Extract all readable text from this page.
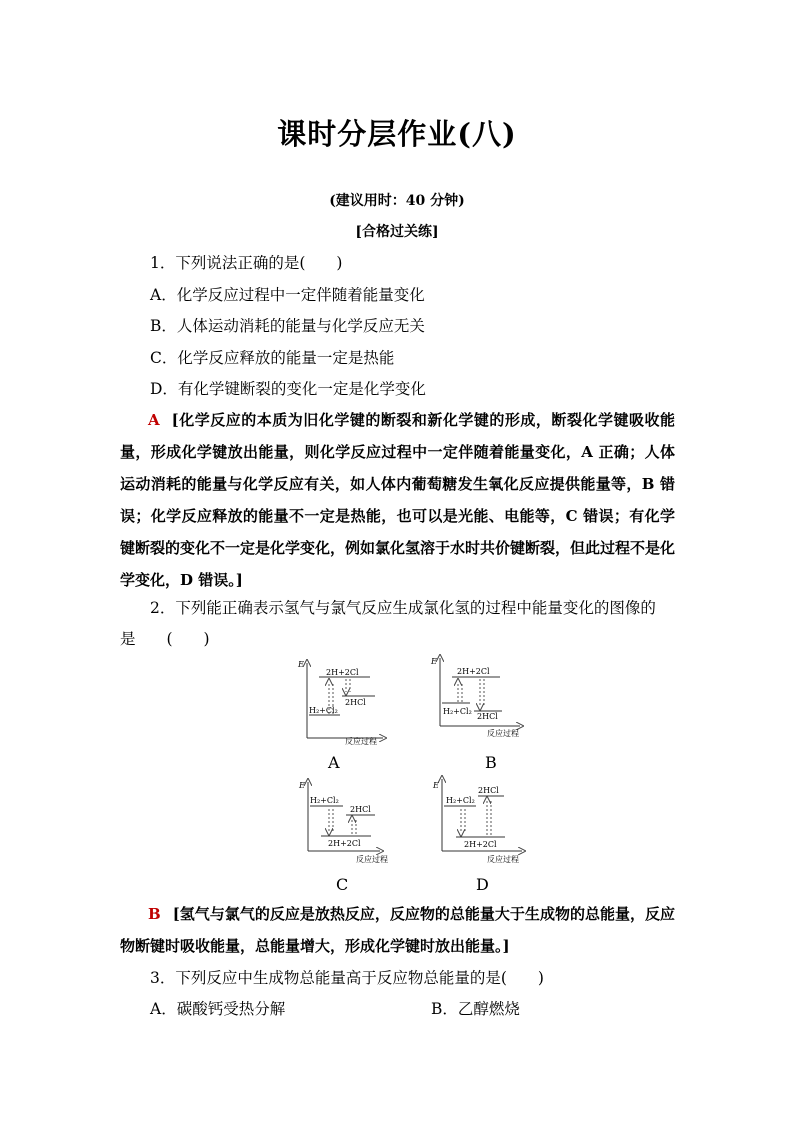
课时分层作业(八)
(建议用时：40 分钟)
[合格过关练]
1．下列说法正确的是(　　)
A．化学反应过程中一定伴随着能量变化
B．人体运动消耗的能量与化学反应无关
C．化学反应释放的能量一定是热能
D．有化学键断裂的变化一定是化学变化
A [化学反应的本质为旧化学键的断裂和新化学键的形成，断裂化学键吸收能量，形成化学键放出能量，则化学反应过程中一定伴随着能量变化，A 正确；人体运动消耗的能量与化学反应有关，如人体内葡萄糖发生氧化反应提供能量等，B 错误；化学反应释放的能量不一定是热能，也可以是光能、电能等，C 错误；有化学键断裂的变化不一定是化学变化，例如氯化氢溶于水时共价键断裂，但此过程不是化学变化，D 错误。]
2．下列能正确表示氢气与氯气反应生成氯化氢的过程中能量变化的图像的
是　　(　　)
E
反应过程
2H+2Cl
H₂+Cl₂
2HCl
A
E
反应过程
2H+2Cl
H₂+Cl₂
2HCl
B
E
反应过程
H₂+Cl₂
2HCl
2H+2Cl
C
E
反应过程
H₂+Cl₂
2HCl
2H+2Cl
D
B [氢气与氯气的反应是放热反应，反应物的总能量大于生成物的总能量，反应物断键时吸收能量，总能量增大，形成化学键时放出能量。]
3．下列反应中生成物总能量高于反应物总能量的是(　　)
A．碳酸钙受热分解	B．乙醇燃烧
